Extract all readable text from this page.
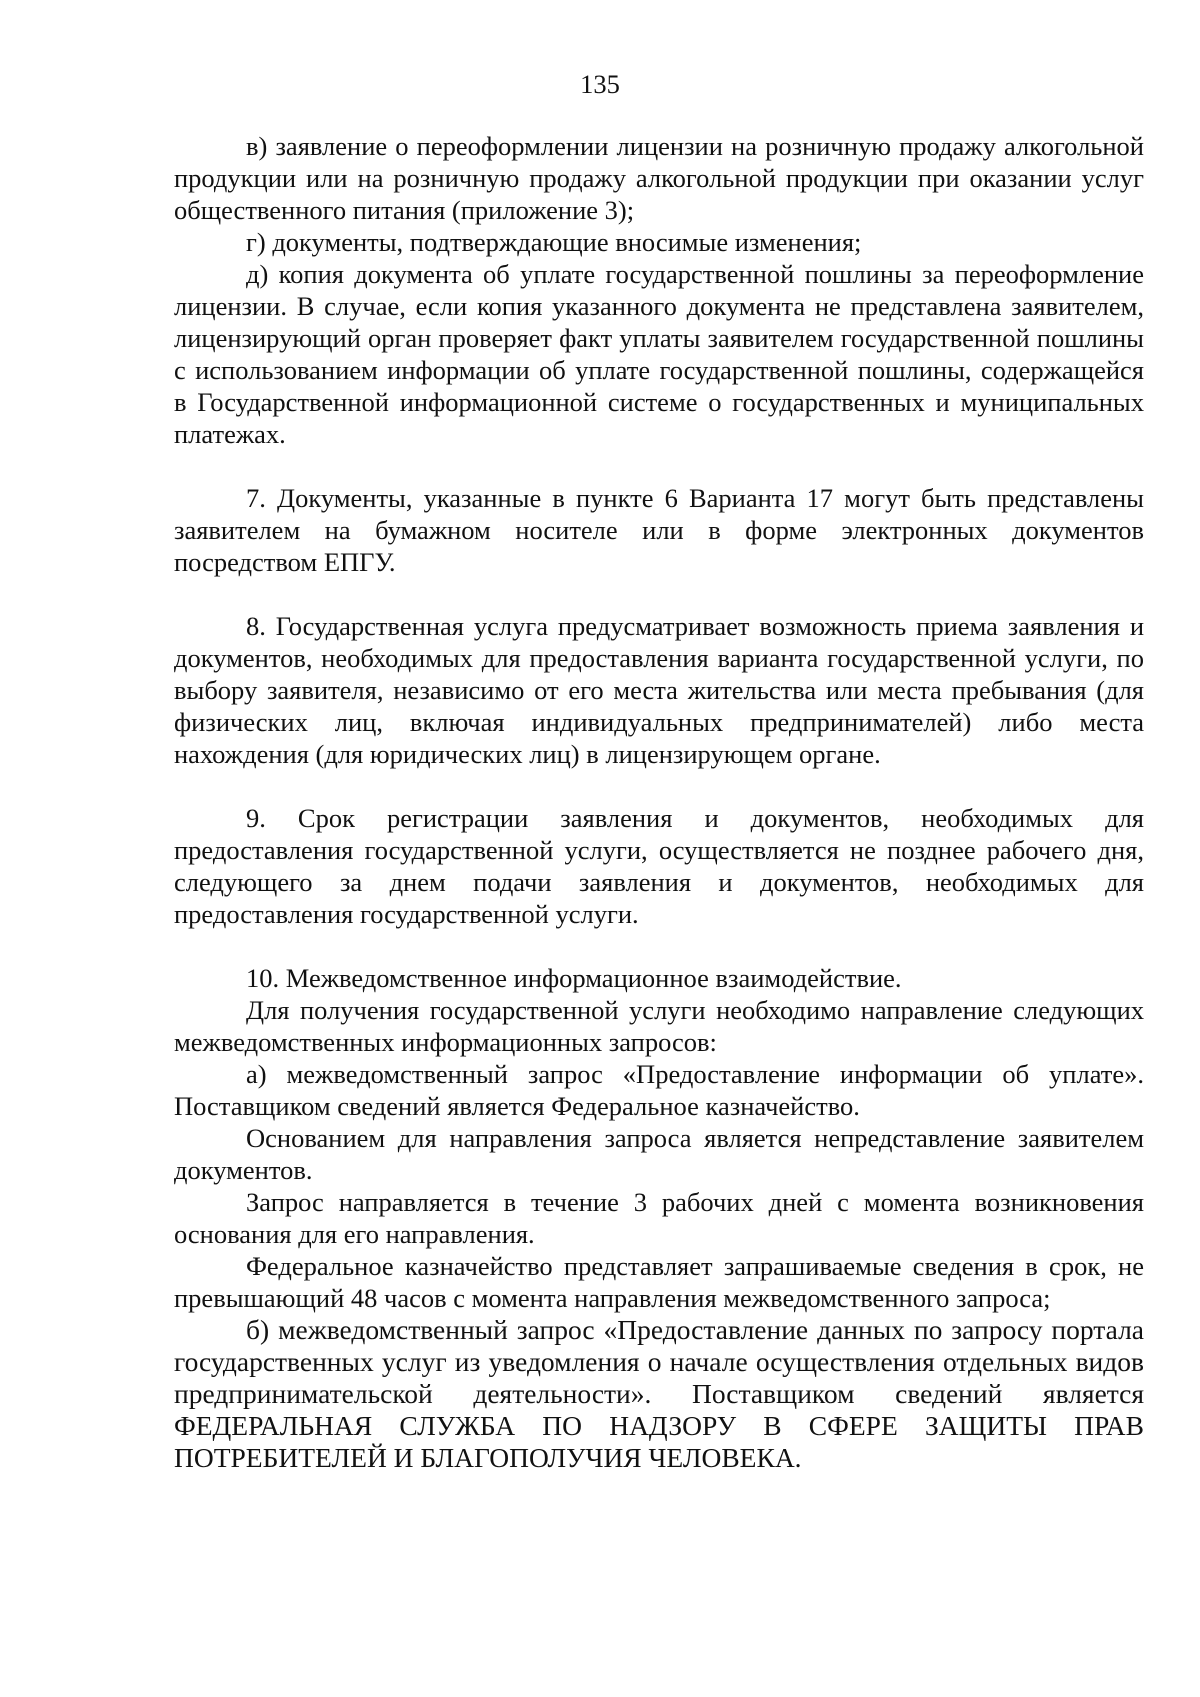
135

в) заявление о переоформлении лицензии на розничную продажу алкогольной продукции или на розничную продажу алкогольной продукции при оказании услуг общественного питания (приложение 3);

г) документы, подтверждающие вносимые изменения;

д) копия документа об уплате государственной пошлины за переоформление лицензии. В случае, если копия указанного документа не представлена заявителем, лицензирующий орган проверяет факт уплаты заявителем государственной пошлины с использованием информации об уплате государственной пошлины, содержащейся в Государственной информационной системе о государственных и муниципальных платежах.

7. Документы, указанные в пункте 6 Варианта 17 могут быть представлены заявителем на бумажном носителе или в форме электронных документов посредством ЕПГУ.

8. Государственная услуга предусматривает возможность приема заявления и документов, необходимых для предоставления варианта государственной услуги, по выбору заявителя, независимо от его места жительства или места пребывания (для физических лиц, включая индивидуальных предпринимателей) либо места нахождения (для юридических лиц) в лицензирующем органе.

9. Срок регистрации заявления и документов, необходимых для предоставления государственной услуги, осуществляется не позднее рабочего дня, следующего за днем подачи заявления и документов, необходимых для предоставления государственной услуги.

10. Межведомственное информационное взаимодействие.

Для получения государственной услуги необходимо направление следующих межведомственных информационных запросов:

а) межведомственный запрос «Предоставление информации об уплате». Поставщиком сведений является Федеральное казначейство.

Основанием для направления запроса является непредставление заявителем документов.

Запрос направляется в течение 3 рабочих дней с момента возникновения основания для его направления.

Федеральное казначейство представляет запрашиваемые сведения в срок, не превышающий 48 часов с момента направления межведомственного запроса;

б) межведомственный запрос «Предоставление данных по запросу портала государственных услуг из уведомления о начале осуществления отдельных видов предпринимательской деятельности». Поставщиком сведений является ФЕДЕРАЛЬНАЯ СЛУЖБА ПО НАДЗОРУ В СФЕРЕ ЗАЩИТЫ ПРАВ ПОТРЕБИТЕЛЕЙ И БЛАГОПОЛУЧИЯ ЧЕЛОВЕКА.
